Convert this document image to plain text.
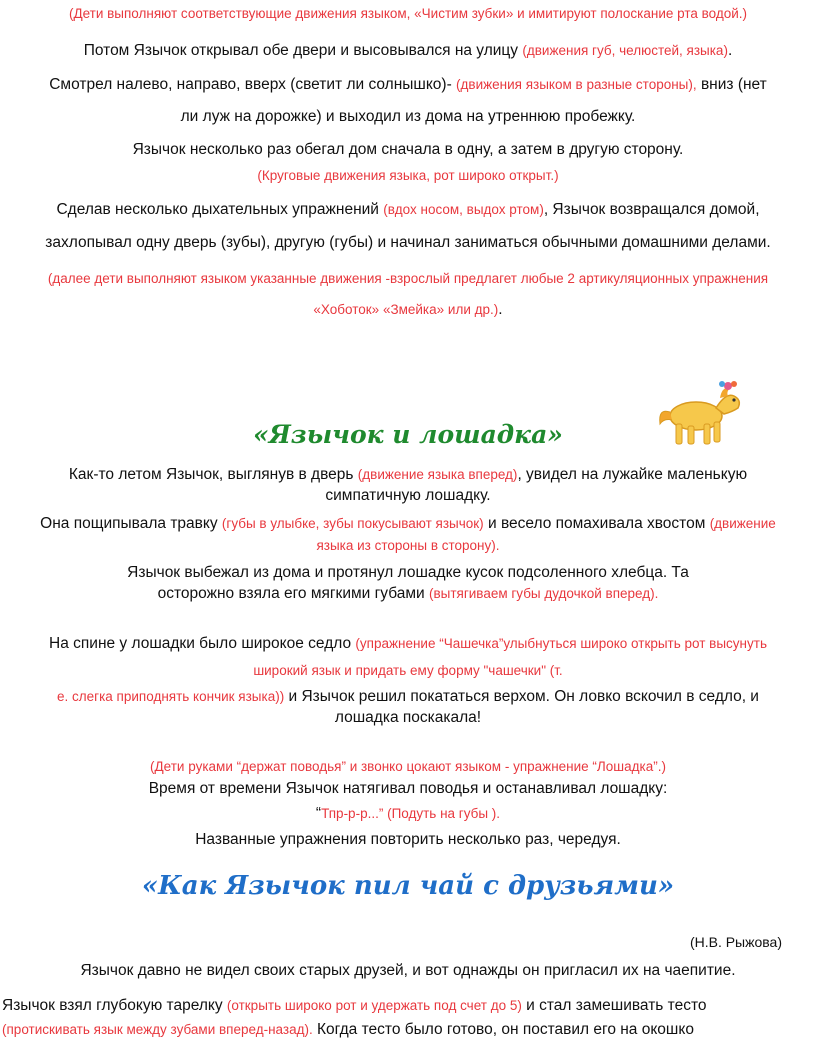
(Дети выполняют соответствующие движения языком, «Чистим зубки» и имитируют полоскание рта водой.)
Потом Язычок открывал обе двери и высовывался на улицу (движения губ, челюстей, языка).
Смотрел налево, направо, вверх (светит ли солнышко)- (движения языком в разные стороны), вниз (нет
ли луж на дорожке) и выходил из дома на утреннюю пробежку.
Язычок несколько раз обегал дом сначала в одну, а затем в другую сторону.
(Круговые движения языка, рот широко открыт.)
Сделав несколько дыхательных упражнений (вдох носом, выдох ртом), Язычок возвращался домой,
захлопывал одну дверь (зубы), другую (губы) и начинал заниматься обычными домашними делами.
(далее дети выполняют языком указанные движения -взрослый предлагет любые 2 артикуляционных упражнения
«Хоботок» «Змейка» или др.).
«Язычок и лошадка»
Как-то летом Язычок, выглянув в дверь (движение языка вперед), увидел на лужайке маленькую
симпатичную лошадку.
Она пощипывала травку (губы в улыбке, зубы покусывают язычок) и весело помахивала хвостом (движение
языка из стороны в сторону).
Язычок выбежал из дома и протянул лошадке кусок подсоленного хлебца. Та
осторожно взяла его мягкими губами (вытягиваем губы дудочкой вперед).
На спине у лошадки было широкое седло (упражнение “Чашечка”улыбнуться широко открыть рот высунуть
широкий язык и придать ему форму "чашечки" (т.
е. слегка приподнять кончик языка)) и Язычок решил покататься верхом. Он ловко вскочил в седло, и
лошадка поскакала!
(Дети руками “держат поводья” и звонко цокают языком - упражнение “Лошадка”.)
Время от времени Язычок натягивал поводья и останавливал лошадку:
“Тпр-р-р...” (Подуть на губы ).
Названные упражнения повторить несколько раз, чередуя.
«Как Язычок пил чай с друзьями»
(Н.В. Рыжова)
Язычок давно не видел своих старых друзей, и вот однажды он пригласил их на чаепитие.
Язычок взял глубокую тарелку (открыть широко рот и удержать под счет до 5) и стал замешивать тесто
(протискивать язык между зубами вперед-назад). Когда тесто было готово, он поставил его на окошко
